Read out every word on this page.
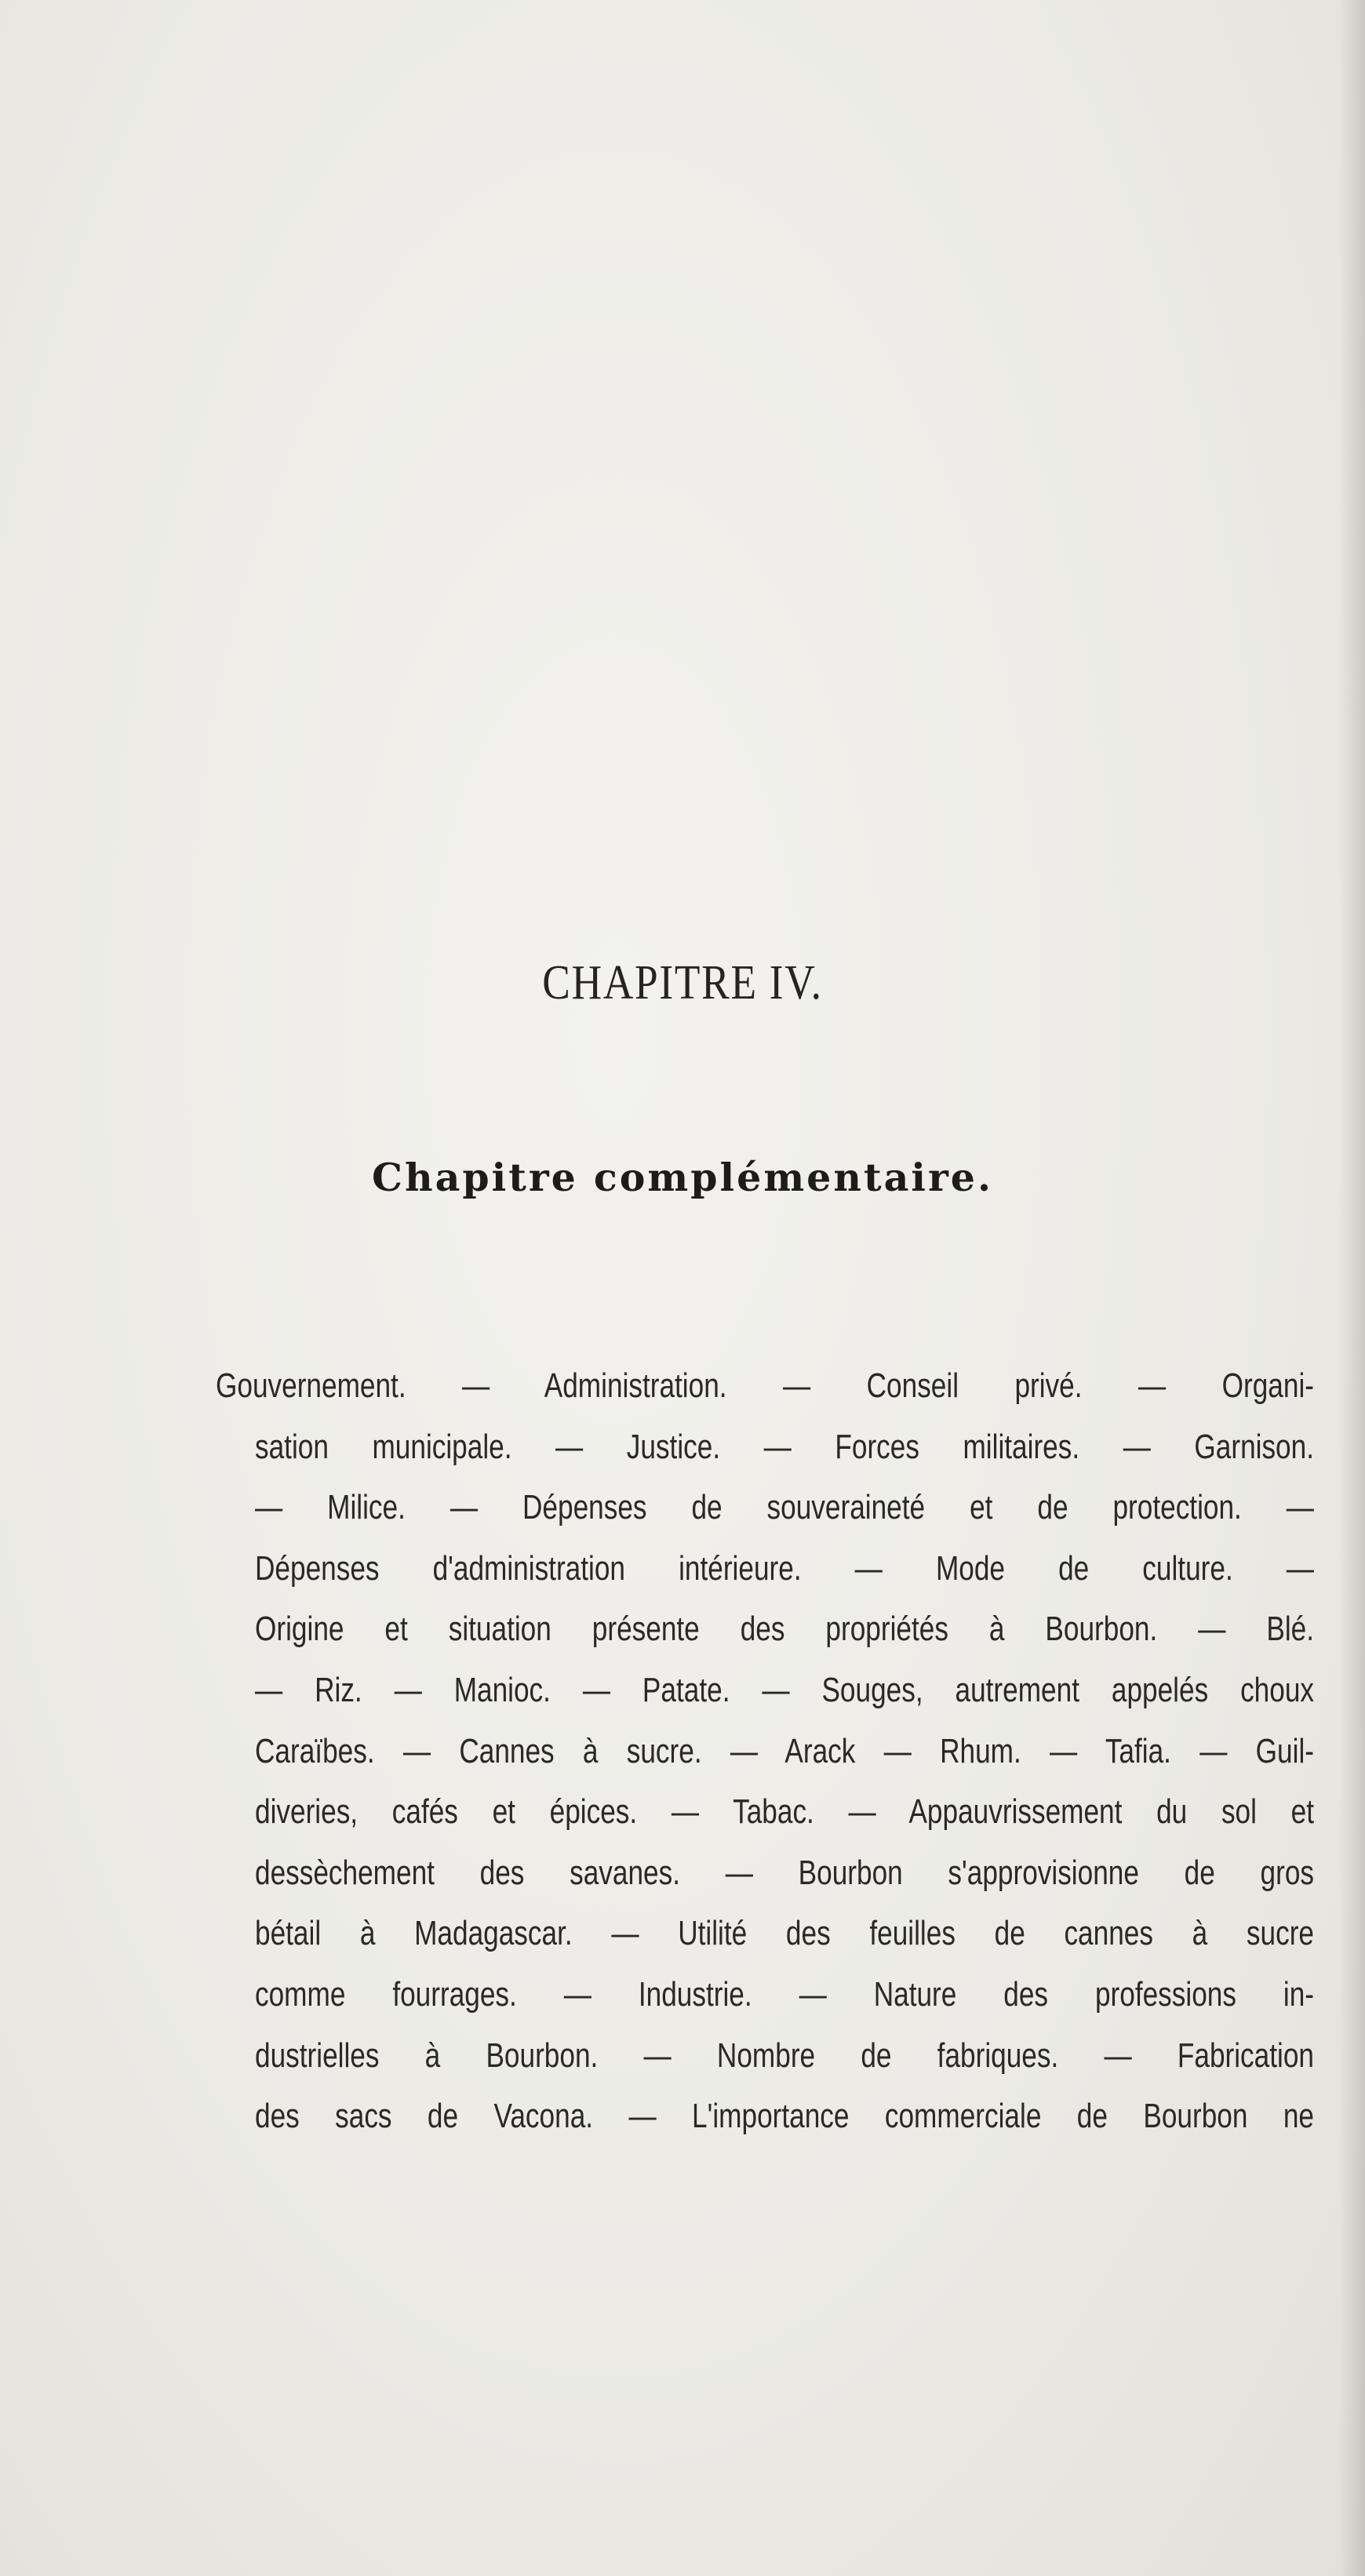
CHAPITRE IV.
Chapitre complémentaire.
Gouvernement. — Administration. — Conseil privé. — Organi-
sation municipale. — Justice. — Forces militaires. — Garnison.
— Milice. — Dépenses de souveraineté et de protection. —
Dépenses d'administration intérieure. — Mode de culture. —
Origine et situation présente des propriétés à Bourbon. — Blé.
— Riz. — Manioc. — Patate. — Souges, autrement appelés choux
Caraïbes. — Cannes à sucre. — Arack — Rhum. — Tafia. — Guil-
diveries, cafés et épices. — Tabac. — Appauvrissement du sol et
dessèchement des savanes. — Bourbon s'approvisionne de gros
bétail à Madagascar. — Utilité des feuilles de cannes à sucre
comme fourrages. — Industrie. — Nature des professions in-
dustrielles à Bourbon. — Nombre de fabriques. — Fabrication
des sacs de Vacona. — L'importance commerciale de Bourbon ne
